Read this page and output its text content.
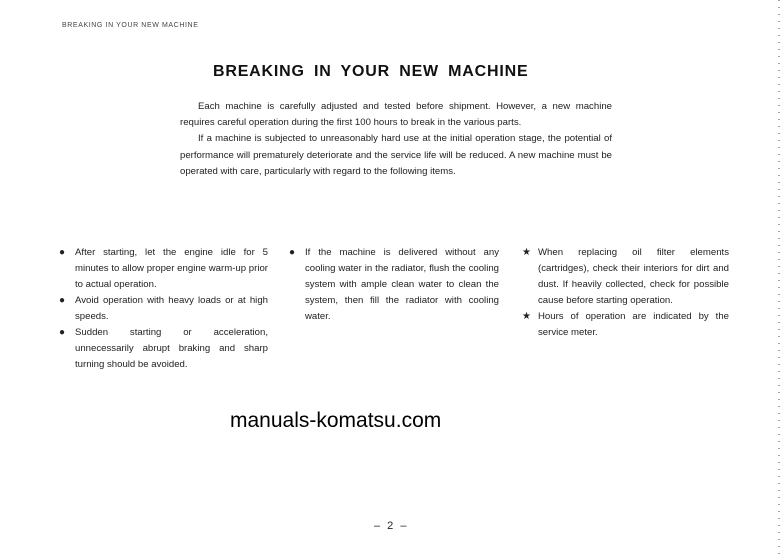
BREAKING IN YOUR NEW MACHINE
BREAKING IN YOUR NEW MACHINE

Each machine is carefully adjusted and tested before shipment. However, a new machine requires careful operation during the first 100 hours to break in the various parts.

If a machine is subjected to unreasonably hard use at the initial operation stage, the potential of performance will prematurely deteriorate and the service life will be reduced. A new machine must be operated with care, particularly with regard to the following items.

●	After starting, let the engine idle for 5 minutes to allow proper engine warm-up prior to actual operation.
●	Avoid operation with heavy loads or at high speeds.
●	Sudden starting or acceleration, unnecessarily abrupt braking and sharp turning should be avoided.
●	If the machine is delivered without any cooling water in the radiator, flush the cooling system with ample clean water to clean the system, then fill the radiator with cooling water.
★ When replacing oil filter elements (cartridges), check their interiors for dirt and dust. If heavily collected, check for possible cause before starting operation.
★ Hours of operation are indicated by the service meter.
manuals-komatsu.com
– 2 –
